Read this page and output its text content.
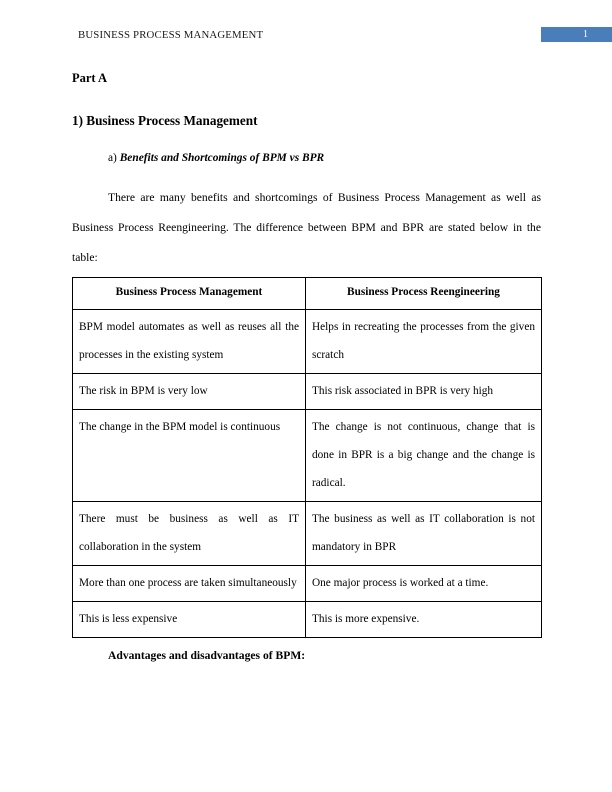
BUSINESS PROCESS MANAGEMENT	1
Part A
1) Business Process Management
a) Benefits and Shortcomings of BPM vs BPR
There are many benefits and shortcomings of Business Process Management as well as Business Process Reengineering. The difference between BPM and BPR are stated below in the table:
Business Process Management	Business Process Reengineering

BPM model automates as well as reuses all the processes in the existing system	Helps in recreating the processes from the given scratch

The risk in BPM is very low	This risk associated in BPR is very high

The change in the BPM model is continuous	The change is not continuous, change that is done in BPR is a big change and the change is radical.

There must be business as well as IT collaboration in the system	The business as well as IT collaboration is not mandatory in BPR

More than one process are taken simultaneously	One major process is worked at a time.

This is less expensive	This is more expensive.

Advantages and disadvantages of BPM:
